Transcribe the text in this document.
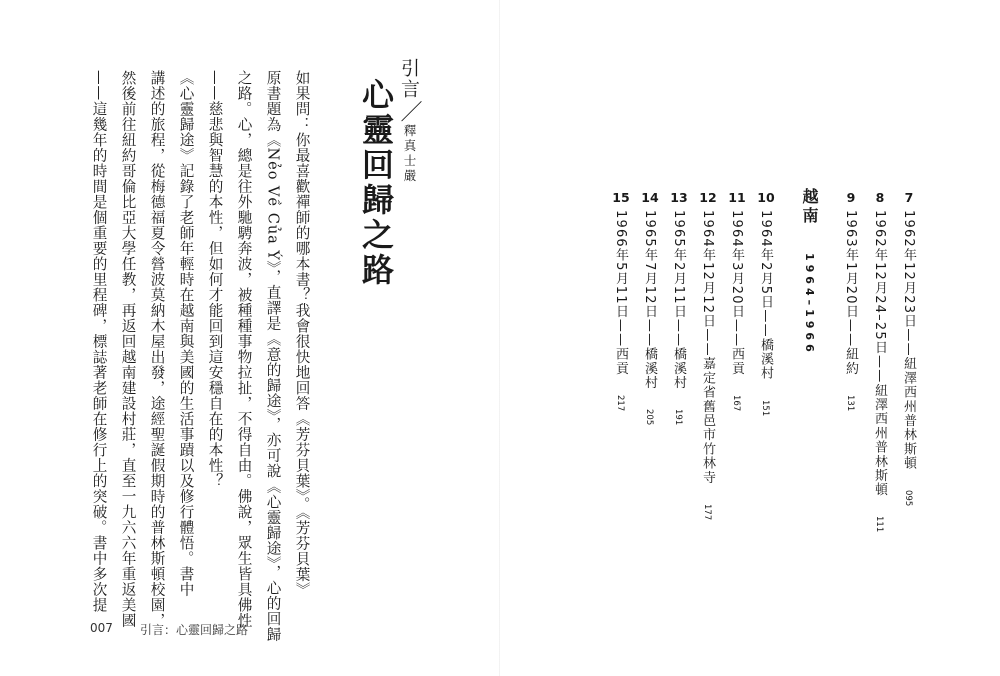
引言／釋真士嚴
心靈回歸之路
如果問：你最喜歡禪師的哪本書？我會很快地回答《芳芬貝葉》。《芳芬貝葉》
原書題為《Nẻo Về Của Ý》，直譯是《意的歸途》，亦可說《心靈歸途》，心的回歸
之路。心，總是往外馳騁奔波，被種種事物拉扯，不得自由。佛說，眾生皆具佛性
——慈悲與智慧的本性，但如何才能回到這安穩自在的本性？
《心靈歸途》記錄了老師年輕時在越南與美國的生活事蹟以及修行體悟。書中
講述的旅程，從梅德福夏令營波莫納木屋出發，途經聖誕假期時的普林斯頓校園，
然後前往紐約哥倫比亞大學任教，再返回越南建設村莊，直至一九六六年重返美國
——這幾年的時間是個重要的里程碑，標誌著老師在修行上的突破。書中多次提
007 引言：心靈回歸之路
7
1962年12月23日——紐澤西州普林斯頓 095
8
1962年12月24–25日——紐澤西州普林斯頓 111
9
1963年1月20日——紐約 131
越南 1964–1966
10
1964年2月5日——橋溪村 151
11
1964年3月20日——西貢 167
12
1964年12月12日——嘉定省舊邑市竹林寺 177
13
1965年2月11日——橋溪村 191
14
1965年7月12日——橋溪村 205
15
1966年5月11日——西貢 217
